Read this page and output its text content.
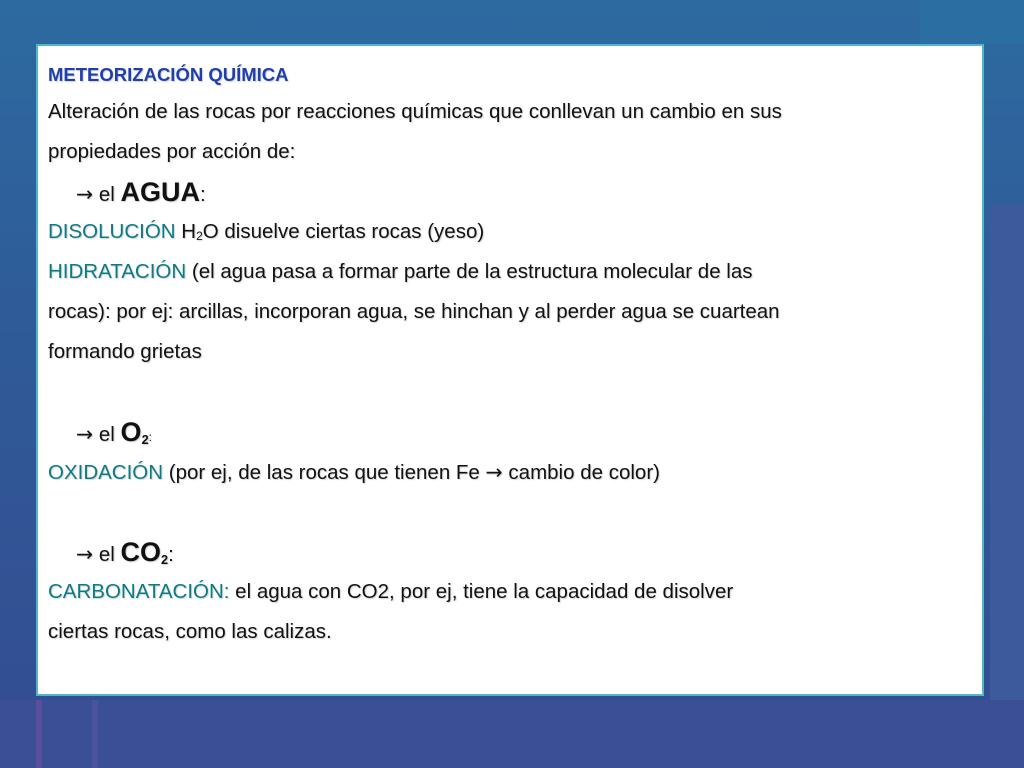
METEORIZACIÓN QUÍMICA
Alteración de las rocas por reacciones químicas que conllevan un cambio en sus
propiedades por acción de:
→ el AGUA:
DISOLUCIÓN H2O disuelve ciertas rocas (yeso)
HIDRATACIÓN (el agua pasa a formar parte de la estructura molecular de las
rocas): por ej: arcillas, incorporan agua, se hinchan y al perder agua se cuartean
formando grietas
→ el $O_2$:
OXIDACIÓN (por ej, de las rocas que tienen Fe → cambio de color)
→ el $CO_2$:
CARBONATACIÓN: el agua con CO2, por ej, tiene la capacidad de disolver
ciertas rocas, como las calizas.
